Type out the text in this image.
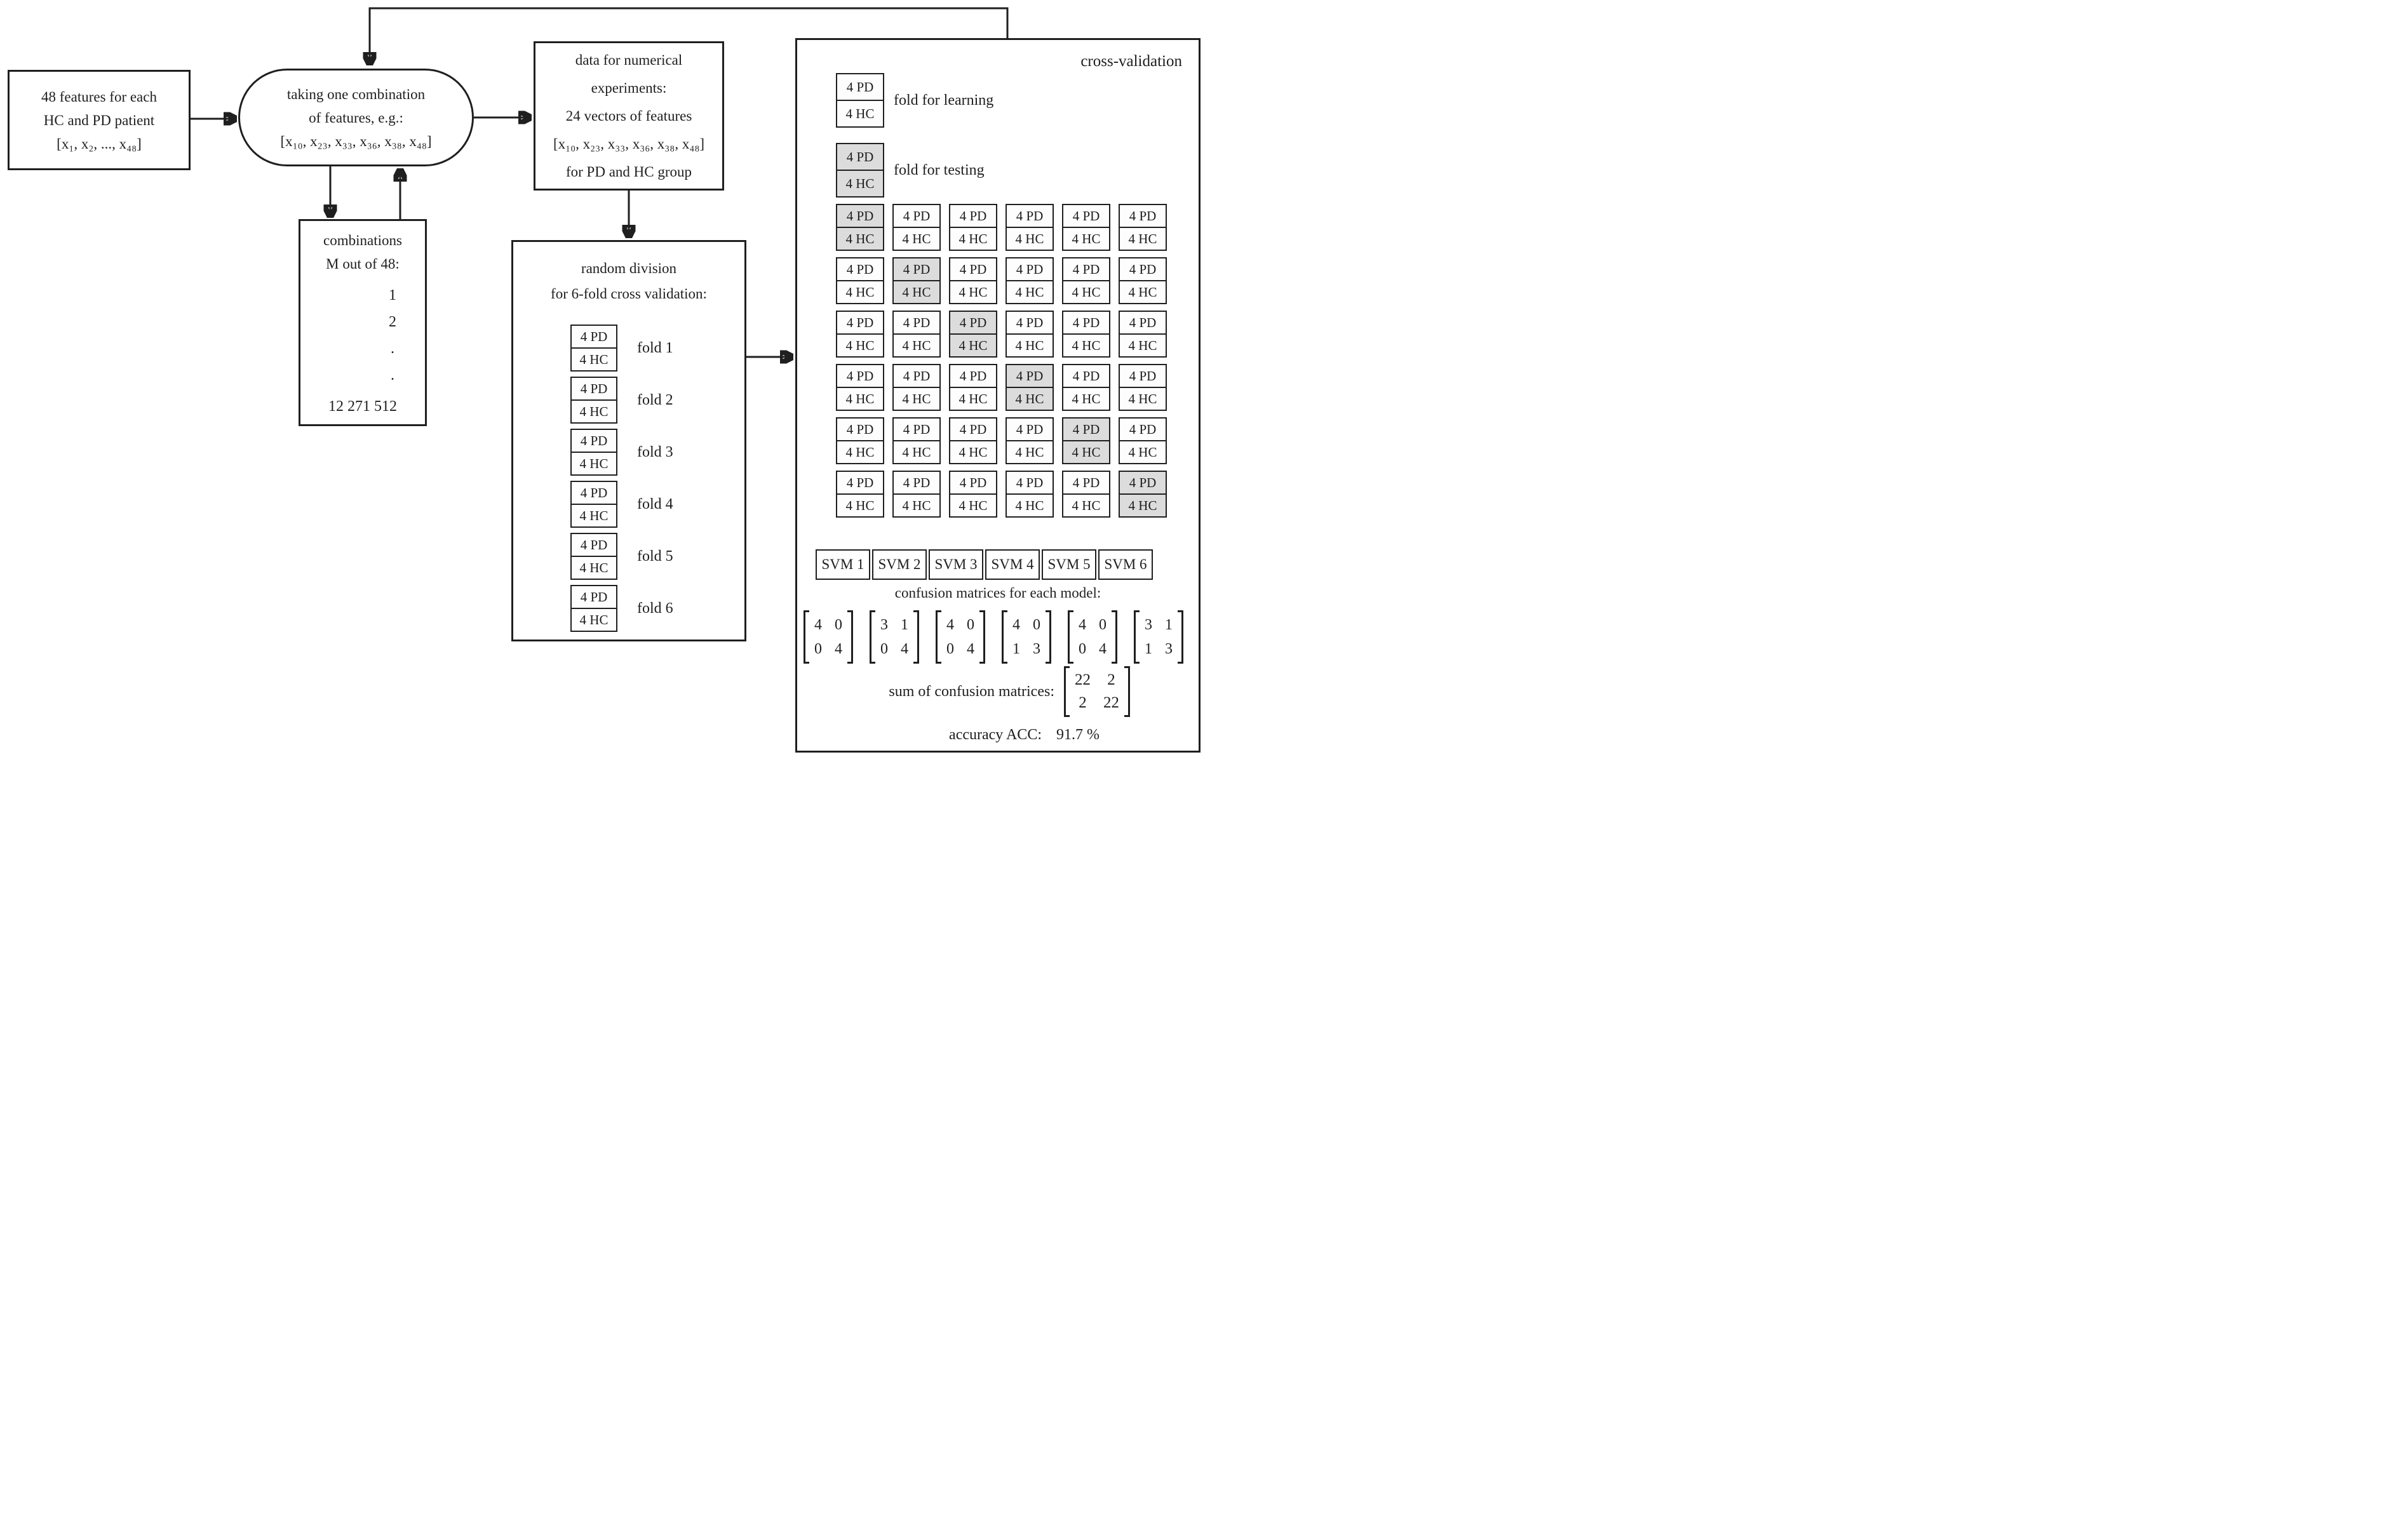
48 features for each
HC and PD patient
[x₁, x₂, ..., x₄₈]
taking one combination
of features, e.g.:
[x₁₀, x₂₃, x₃₃, x₃₆, x₃₈, x₄₈]
combinations
M out of 48:
1
2
.
.
12 271 512
data for numerical
experiments:
24 vectors of features
[x₁₀, x₂₃, x₃₃, x₃₆, x₃₈, x₄₈]
for PD and HC group
random division
for 6-fold cross validation:
4 PD
4 HC
fold 1
4 PD
4 HC
fold 2
4 PD
4 HC
fold 3
4 PD
4 HC
fold 4
4 PD
4 HC
fold 5
4 PD
4 HC
fold 6
cross-validation
4 PD
4 HC
fold for learning
4 PD
4 HC
fold for testing
4 PD
4 HC
4 PD
4 HC
4 PD
4 HC
4 PD
4 HC
4 PD
4 HC
4 PD
4 HC
4 PD
4 HC
4 PD
4 HC
4 PD
4 HC
4 PD
4 HC
4 PD
4 HC
4 PD
4 HC
4 PD
4 HC
4 PD
4 HC
4 PD
4 HC
4 PD
4 HC
4 PD
4 HC
4 PD
4 HC
4 PD
4 HC
4 PD
4 HC
4 PD
4 HC
4 PD
4 HC
4 PD
4 HC
4 PD
4 HC
4 PD
4 HC
4 PD
4 HC
4 PD
4 HC
4 PD
4 HC
4 PD
4 HC
4 PD
4 HC
4 PD
4 HC
4 PD
4 HC
4 PD
4 HC
4 PD
4 HC
4 PD
4 HC
4 PD
4 HC
SVM 1 SVM 2 SVM 3 SVM 4 SVM 5 SVM 6
confusion matrices for each model:
4 0
0 4
3 1
0 4
4 0
0 4
4 0
1 3
4 0
0 4
3 1
1 3
sum of confusion matrices:
22 2
2 22
accuracy ACC: 91.7 %
